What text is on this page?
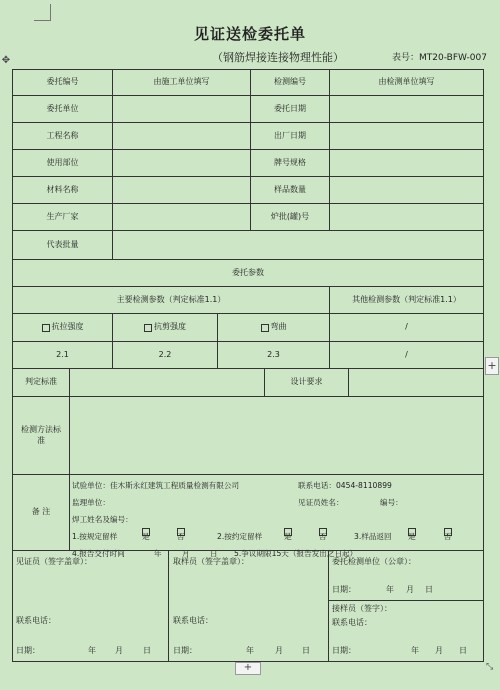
✥
见证送检委托单
（钢筋焊接连接物理性能）	表号：MT20-BFW-007
委托编号	由施工单位填写	检测编号	由检测单位填写
委托单位	委托日期
工程名称	出厂日期
使用部位	牌号规格
材料名称	样品数量
生产厂家	炉批(罐)号
代表批量
委托参数
主要检测参数（判定标准1.1）	其他检测参数（判定标准1.1）
抗拉强度	抗剪强度	弯曲	/
2.1	2.2	2.3	/
判定标准	设计要求
检测方法标准
备 注
试验单位：佳木斯永红建筑工程质量检测有限公司	联系电话：0454-8110899
监理单位：	见证员姓名：	编号：
焊工姓名及编号：
1.按规定留样	是	否	2.按约定留样	是	否	3.样品返回 是	否
4.报告交付时间	年	月	日 5.争议期限15天（报告发出之日起）
见证员（签字盖章）：
联系电话：
日期：	年 月	日
取样员（签字盖章）：
联系电话：
日期：	年	月 日
委托检测单位（公章）：
日期：	年 月 日
接样员（签字）：
联系电话：
日期：	年 月 日
+
+	⤡
